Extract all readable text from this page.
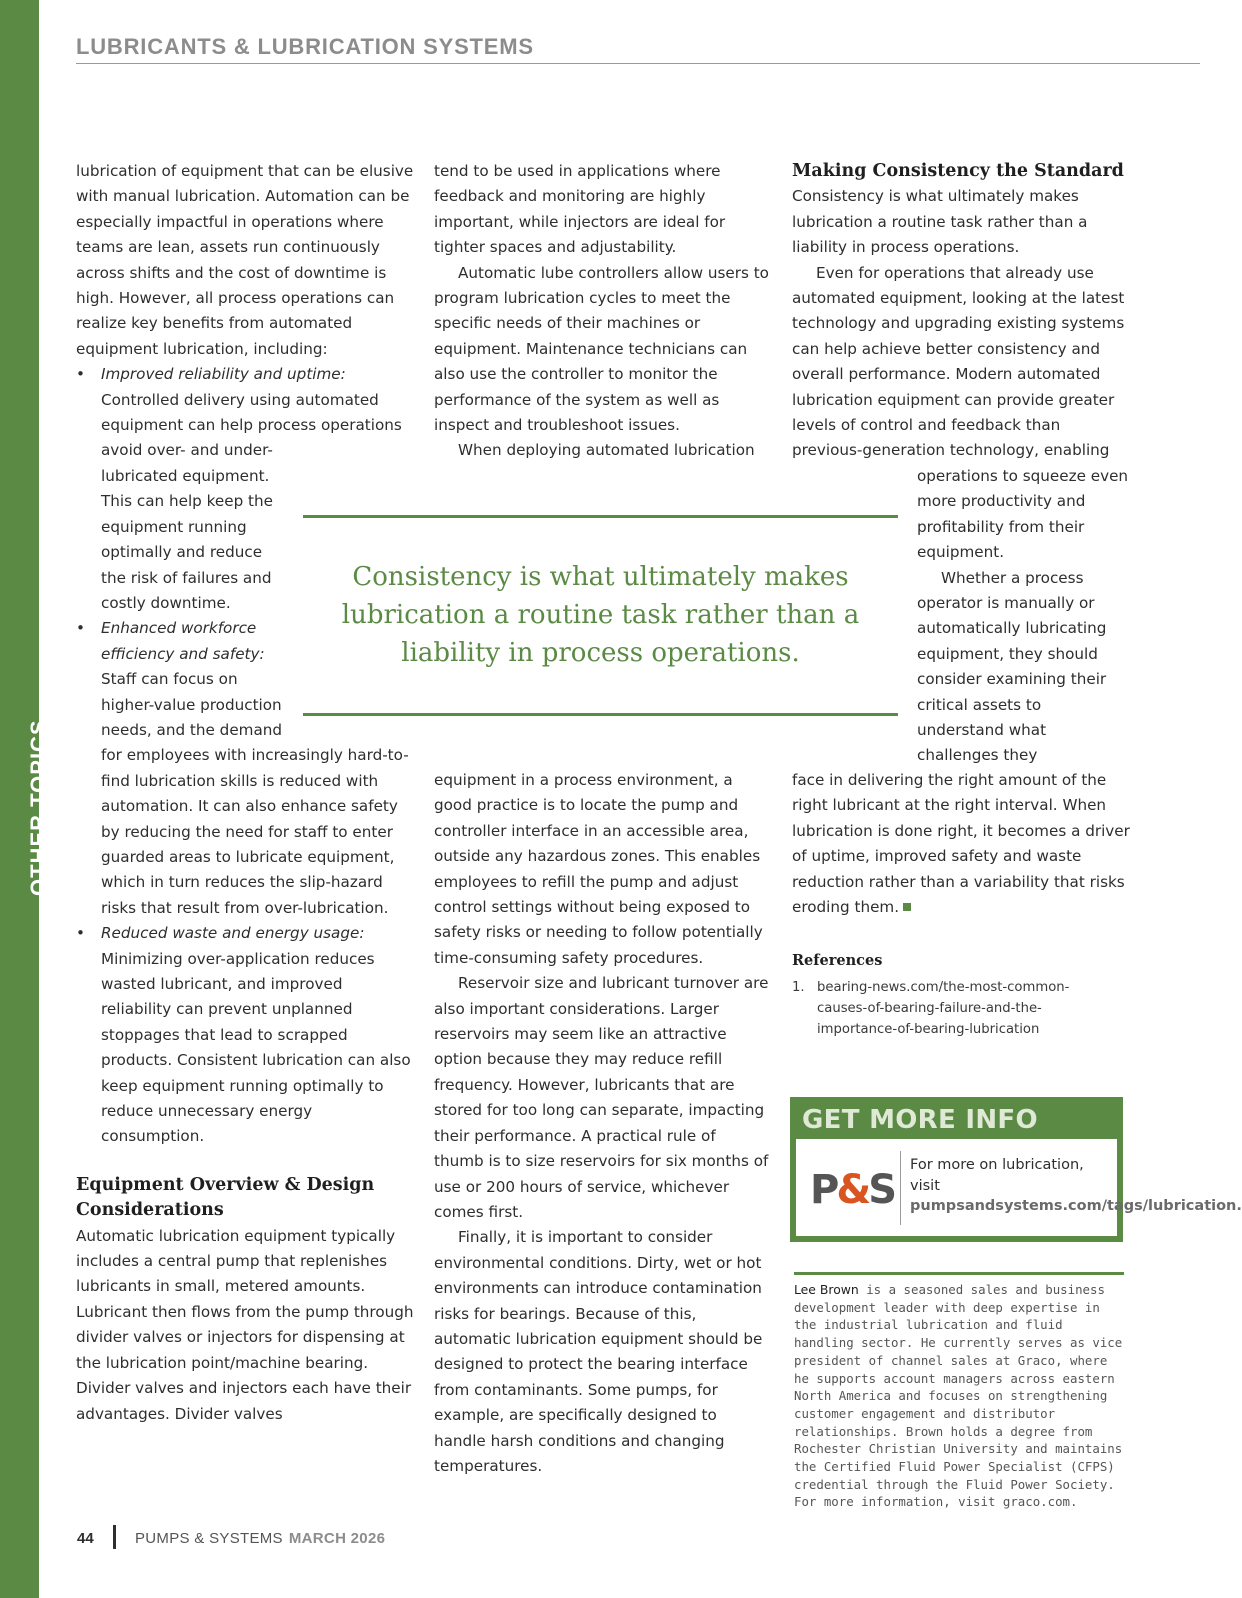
OTHER TOPICS
LUBRICANTS & LUBRICATION SYSTEMS

lubrication of equipment that can be elusive with manual lubrication. Automation can be especially impactful in operations where teams are lean, assets run continuously across shifts and the cost of downtime is high. However, all process operations can realize key benefits from automated equipment lubrication, including:

• Improved reliability and uptime: Controlled delivery using automated equipment can help process operations
avoid over- and under-lubricated equipment. This can help keep the equipment running optimally and reduce the risk of failures and costly downtime.
• Enhanced workforce efficiency and safety: Staff can focus on higher-value production needs, and the demand
for employees with increasingly hard-to-find lubrication skills is reduced with automation. It can also enhance safety by reducing the need for staff to enter guarded areas to lubricate equipment, which in turn reduces the slip-hazard risks that result from over-lubrication.
• Reduced waste and energy usage: Minimizing over-application reduces wasted lubricant, and improved reliability can prevent unplanned stoppages that lead to scrapped products. Consistent lubrication can also keep equipment running optimally to reduce unnecessary energy consumption.
Equipment Overview & Design Considerations

Automatic lubrication equipment typically includes a central pump that replenishes lubricants in small, metered amounts. Lubricant then flows from the pump through divider valves or injectors for dispensing at the lubrication point/machine bearing. Divider valves and injectors each have their advantages. Divider valves

tend to be used in applications where feedback and monitoring are highly important, while injectors are ideal for tighter spaces and adjustability.

Automatic lube controllers allow users to program lubrication cycles to meet the specific needs of their machines or equipment. Maintenance technicians can also use the controller to monitor the performance of the system as well as inspect and troubleshoot issues.

When deploying automated lubrication

Consistency is what ultimately makes lubrication a routine task rather than a liability in process operations.

equipment in a process environment, a good practice is to locate the pump and controller interface in an accessible area, outside any hazardous zones. This enables employees to refill the pump and adjust control settings without being exposed to safety risks or needing to follow potentially time-consuming safety procedures.

Reservoir size and lubricant turnover are also important considerations. Larger reservoirs may seem like an attractive option because they may reduce refill frequency. However, lubricants that are stored for too long can separate, impacting their performance. A practical rule of thumb is to size reservoirs for six months of use or 200 hours of service, whichever comes first.

Finally, it is important to consider environmental conditions. Dirty, wet or hot environments can introduce contamination risks for bearings. Because of this, automatic lubrication equipment should be designed to protect the bearing interface from contaminants. Some pumps, for example, are specifically designed to handle harsh conditions and changing temperatures.

Making Consistency the Standard

Consistency is what ultimately makes lubrication a routine task rather than a liability in process operations.

Even for operations that already use automated equipment, looking at the latest technology and upgrading existing systems can help achieve better consistency and overall performance. Modern automated lubrication equipment can provide greater levels of control and feedback than previous-generation technology, enabling

operations to squeeze even more productivity and profitability from their equipment.

Whether a process operator is manually or automatically lubricating equipment, they should consider examining their critical assets to understand what challenges they

face in delivering the right amount of the right lubricant at the right interval. When lubrication is done right, it becomes a driver of uptime, improved safety and waste reduction rather than a variability that risks eroding them.

References
1. bearing-news.com/the-most-common-causes-of-bearing-failure-and-the-importance-of-bearing-lubrication
GET MORE INFO
P&S
For more on lubrication, visit pumpsandsystems.com/tags/lubrication.
Lee Brown is a seasoned sales and business development leader with deep expertise in the industrial lubrication and fluid handling sector. He currently serves as vice president of channel sales at Graco, where he supports account managers across eastern North America and focuses on strengthening customer engagement and distributor relationships. Brown holds a degree from Rochester Christian University and maintains the Certified Fluid Power Specialist (CFPS) credential through the Fluid Power Society. For more information, visit graco.com.
44	PUMPS & SYSTEMS MARCH 2026
